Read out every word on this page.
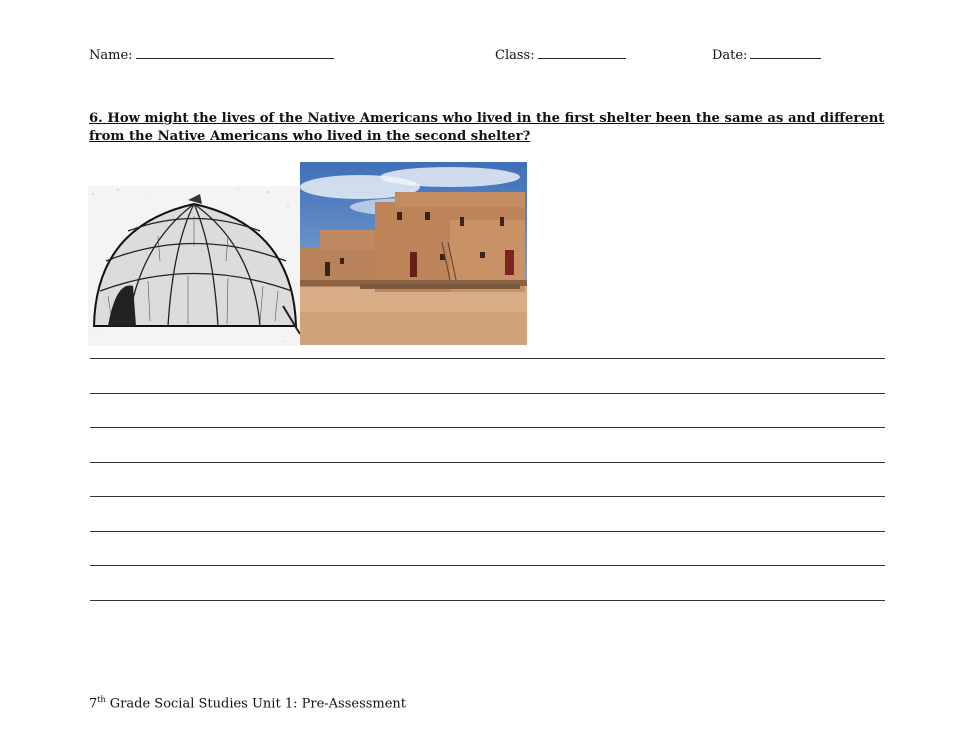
Name:	Class:	Date:
6. How might the lives of the Native Americans who lived in the first shelter been the same as and different from the Native Americans who lived in the second shelter?
7th Grade Social Studies Unit 1: Pre-Assessment
